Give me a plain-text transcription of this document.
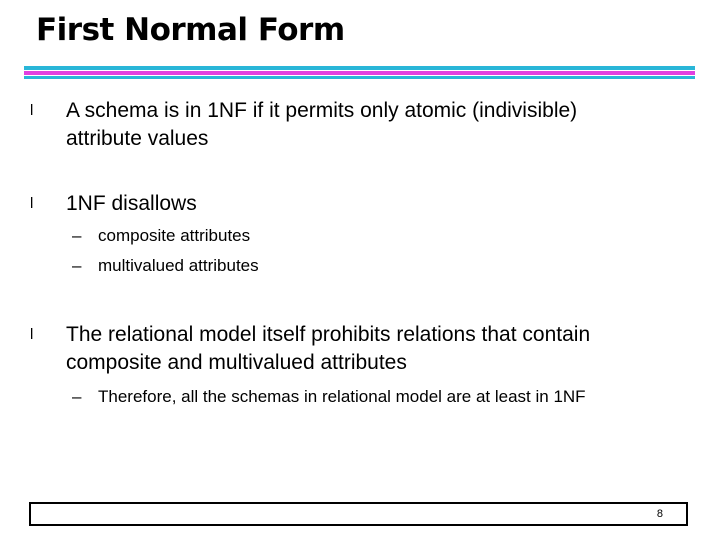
First Normal Form
l	A schema is in 1NF if it permits only atomic (indivisible)
attribute values
l	1NF disallows
– composite attributes
– multivalued attributes
l	The relational model itself prohibits relations that contain
composite and multivalued attributes
– Therefore, all the schemas in relational model are at least in 1NF
8
